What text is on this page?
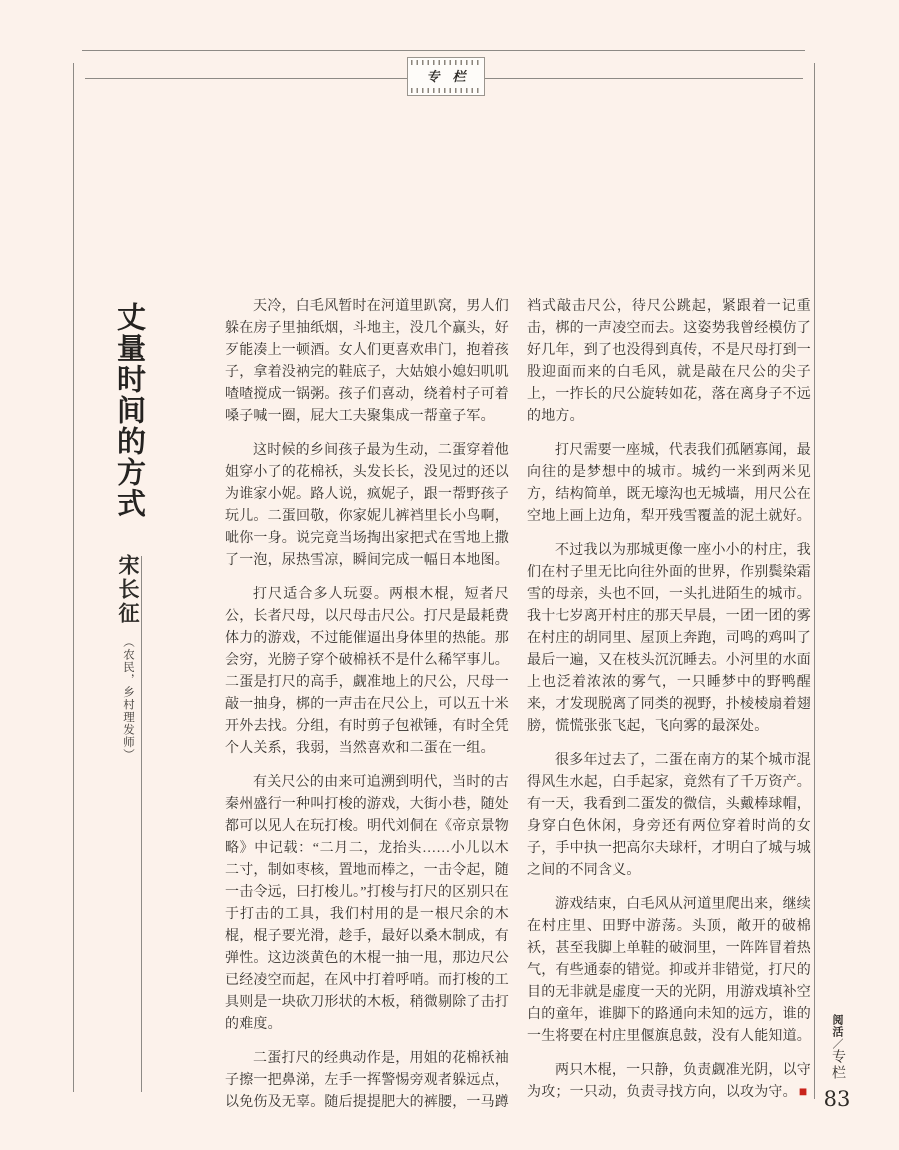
专栏
丈量时间的方式
宋长征 （农民，乡村理发师）

天冷，白毛风暂时在河道里趴窝，男人们躲在房子里抽纸烟，斗地主，没几个赢头，好歹能凑上一顿酒。女人们更喜欢串门，抱着孩子，拿着没衲完的鞋底子，大姑娘小媳妇叽叽喳喳搅成一锅粥。孩子们喜动，绕着村子可着嗓子喊一圈，屁大工夫聚集成一帮童子军。

这时候的乡间孩子最为生动，二蛋穿着他姐穿小了的花棉袄，头发长长，没见过的还以为谁家小妮。路人说，疯妮子，跟一帮野孩子玩儿。二蛋回敬，你家妮儿裤裆里长小鸟啊，呲你一身。说完竟当场掏出家把式在雪地上撒了一泡，尿热雪凉，瞬间完成一幅日本地图。

打尺适合多人玩耍。两根木棍，短者尺公，长者尺母，以尺母击尺公。打尺是最耗费体力的游戏，不过能催逼出身体里的热能。那会穷，光膀子穿个破棉袄不是什么稀罕事儿。二蛋是打尺的高手，觑准地上的尺公，尺母一敲一抽身，梆的一声击在尺公上，可以五十米开外去找。分组，有时剪子包袱锤，有时全凭个人关系，我弱，当然喜欢和二蛋在一组。

有关尺公的由来可追溯到明代，当时的古秦州盛行一种叫打梭的游戏，大街小巷，随处都可以见人在玩打梭。明代刘侗在《帝京景物略》中记载：“二月二，龙抬头……小儿以木二寸，制如枣核，置地而棒之，一击令起，随一击令远，曰打梭儿。”打梭与打尺的区别只在于打击的工具，我们村用的是一根尺余的木棍，棍子要光滑，趁手，最好以桑木制成，有弹性。这边淡黄色的木棍一抽一甩，那边尺公已经凌空而起，在风中打着呼哨。而打梭的工具则是一块砍刀形状的木板，稍微剔除了击打的难度。

二蛋打尺的经典动作是，用姐的花棉袄袖子擦一把鼻涕，左手一挥警惕旁观者躲远点，以免伤及无辜。随后提提肥大的裤腰，一马蹲

裆式敲击尺公，待尺公跳起，紧跟着一记重击，梆的一声凌空而去。这姿势我曾经模仿了好几年，到了也没得到真传，不是尺母打到一股迎面而来的白毛风，就是敲在尺公的尖子上，一拃长的尺公旋转如花，落在离身子不远的地方。

打尺需要一座城，代表我们孤陋寡闻，最向往的是梦想中的城市。城约一米到两米见方，结构简单，既无壕沟也无城墙，用尺公在空地上画上边角，犁开残雪覆盖的泥土就好。

不过我以为那城更像一座小小的村庄，我们在村子里无比向往外面的世界，作别鬓染霜雪的母亲，头也不回，一头扎进陌生的城市。我十七岁离开村庄的那天早晨，一团一团的雾在村庄的胡同里、屋顶上奔跑，司鸣的鸡叫了最后一遍，又在枝头沉沉睡去。小河里的水面上也泛着浓浓的雾气，一只睡梦中的野鸭醒来，才发现脱离了同类的视野，扑棱棱扇着翅膀，慌慌张张飞起，飞向雾的最深处。

很多年过去了，二蛋在南方的某个城市混得风生水起，白手起家，竟然有了千万资产。有一天，我看到二蛋发的微信，头戴棒球帽，身穿白色休闲，身旁还有两位穿着时尚的女子，手中执一把高尔夫球杆，才明白了城与城之间的不同含义。

游戏结束，白毛风从河道里爬出来，继续在村庄里、田野中游荡。头顶，敞开的破棉袄，甚至我脚上单鞋的破洞里，一阵阵冒着热气，有些通泰的错觉。抑或并非错觉，打尺的目的无非就是虚度一天的光阴，用游戏填补空白的童年，谁脚下的路通向未知的远方，谁的一生将要在村庄里偃旗息鼓，没有人能知道。

两只木棍，一只静，负责觑准光阴，以守为攻；一只动，负责寻找方向，以攻为守。 ■

阅活／专栏
83
